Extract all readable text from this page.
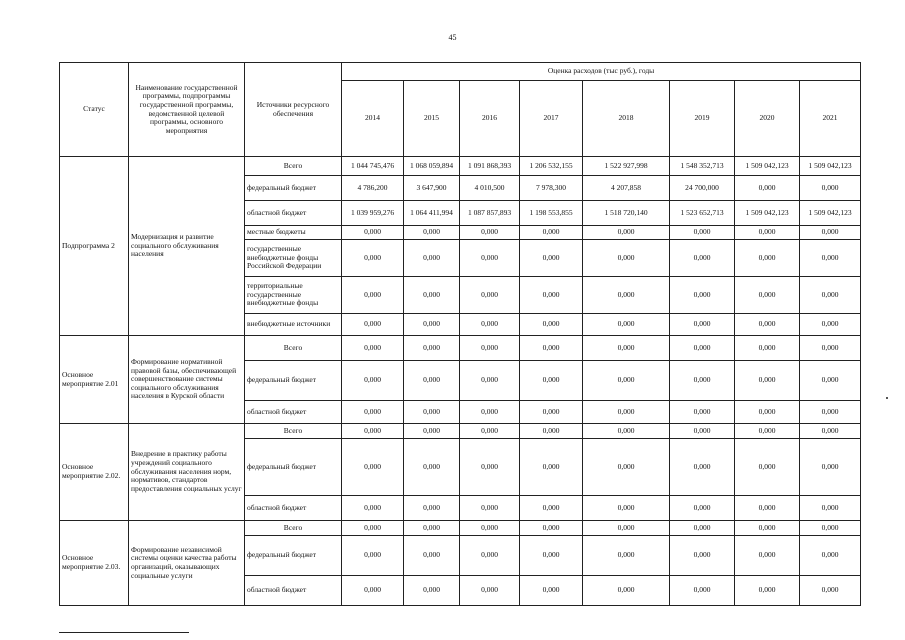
45
Статус	Наименование государственной программы, подпрограммы государственной программы, ведомственной целевой программы, основного мероприятия	Источники ресурсного обеспечения	Оценка расходов (тыс руб.), годы							
			2014	2015	2016	2017	2018	2019	2020	2021
Подпрограмма 2	Модернизация и развитие социального обслуживания населения	Всего	1 044 745,476	1 068 059,894	1 091 868,393	1 206 532,155	1 522 927,998	1 548 352,713	1 509 042,123	1 509 042,123
		федеральный бюджет	4 786,200	3 647,900	4 010,500	7 978,300	4 207,858	24 700,000	0,000	0,000
		областной бюджет	1 039 959,276	1 064 411,994	1 087 857,893	1 198 553,855	1 518 720,140	1 523 652,713	1 509 042,123	1 509 042,123
		местные бюджеты	0,000	0,000	0,000	0,000	0,000	0,000	0,000	0,000
		государственные внебюджетные фонды Российской Федерации	0,000	0,000	0,000	0,000	0,000	0,000	0,000	0,000
		территориальные государственные внебюджетные фонды	0,000	0,000	0,000	0,000	0,000	0,000	0,000	0,000
		внебюджетные источники	0,000	0,000	0,000	0,000	0,000	0,000	0,000	0,000
Основное мероприятие 2.01	Формирование нормативной правовой базы, обеспечивающей совершенствование системы социального обслуживания населения в Курской области	Всего	0,000	0,000	0,000	0,000	0,000	0,000	0,000	0,000
		федеральный бюджет	0,000	0,000	0,000	0,000	0,000	0,000	0,000	0,000
		областной бюджет	0,000	0,000	0,000	0,000	0,000	0,000	0,000	0,000
Основное мероприятие 2.02.	Внедрение в практику работы учреждений социального обслуживания населения норм, нормативов, стандартов предоставления социальных услуг	Всего	0,000	0,000	0,000	0,000	0,000	0,000	0,000	0,000
		федеральный бюджет	0,000	0,000	0,000	0,000	0,000	0,000	0,000	0,000
		областной бюджет	0,000	0,000	0,000	0,000	0,000	0,000	0,000	0,000
Основное мероприятие 2.03.	Формирование независимой системы оценки качества работы организаций, оказывающих социальные услуги	Всего	0,000	0,000	0,000	0,000	0,000	0,000	0,000	0,000
		федеральный бюджет	0,000	0,000	0,000	0,000	0,000	0,000	0,000	0,000
		областной бюджет	0,000	0,000	0,000	0,000	0,000	0,000	0,000	0,000
